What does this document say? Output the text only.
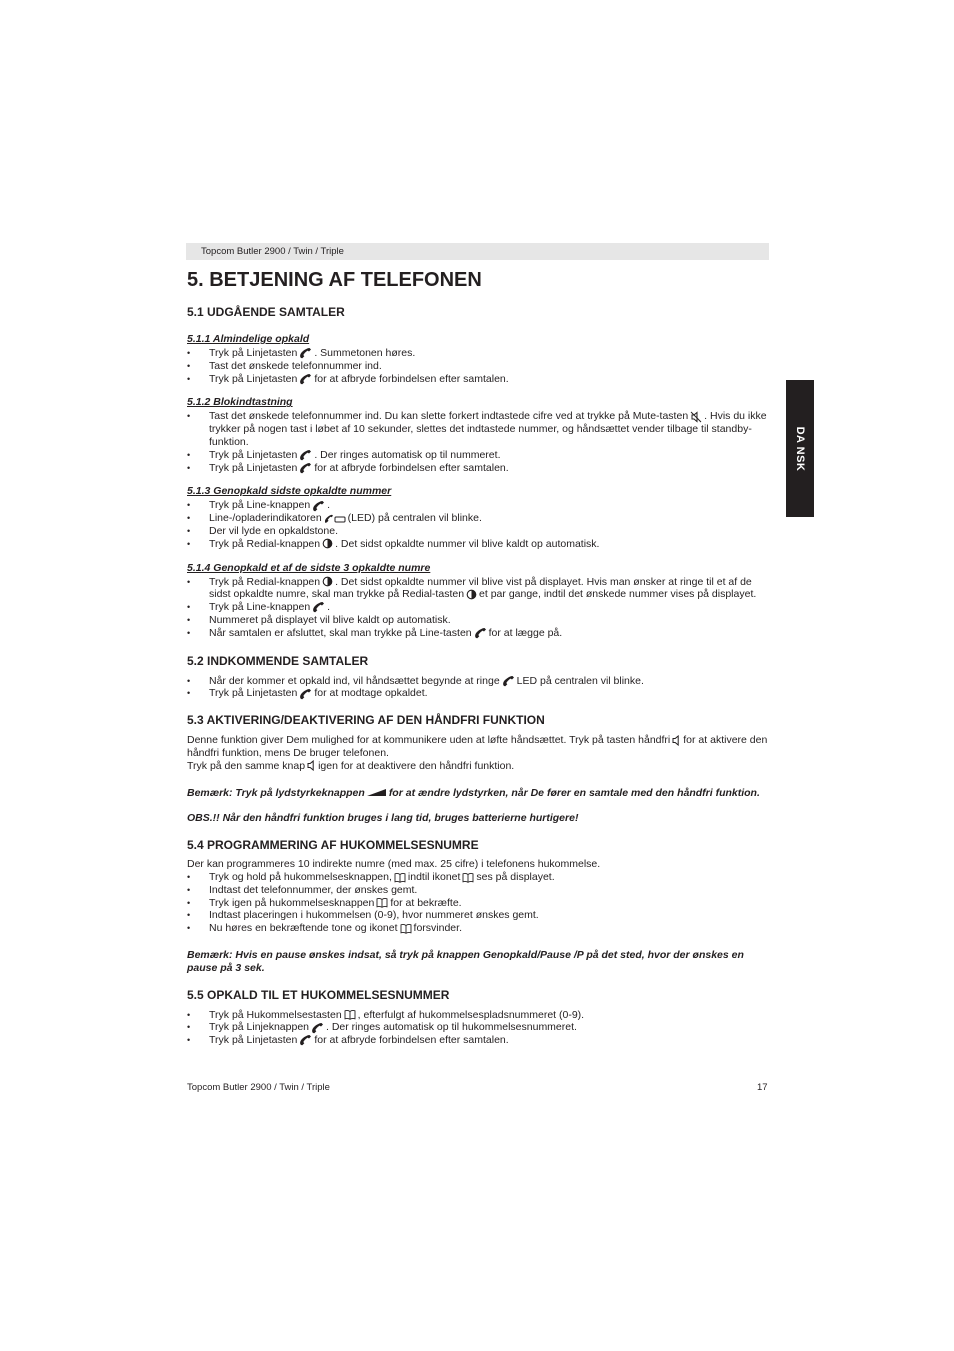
Topcom Butler 2900 / Twin / Triple
DA NSK
5. BETJENING AF TELEFONEN
5.1 UDGÅENDE SAMTALER
5.1.1 Almindelige opkald
• Tryk på Linjetasten . Summetonen høres.
• Tast det ønskede telefonnummer ind.
• Tryk på Linjetasten for at afbryde forbindelsen efter samtalen.
5.1.2 Blokindtastning
• Tast det ønskede telefonnummer ind. Du kan slette forkert indtastede cifre ved at trykke på Mute-tasten . Hvis du ikke trykker på nogen tast i løbet af 10 sekunder, slettes det indtastede nummer, og håndsættet vender tilbage til standby-funktion.
• Tryk på Linjetasten . Der ringes automatisk op til nummeret.
• Tryk på Linjetasten for at afbryde forbindelsen efter samtalen.
5.1.3 Genopkald sidste opkaldte nummer
• Tryk på Line-knappen .
• Line-/opladerindikatoren (LED) på centralen vil blinke.
• Der vil lyde en opkaldstone.
• Tryk på Redial-knappen . Det sidst opkaldte nummer vil blive kaldt op automatisk.
5.1.4 Genopkald et af de sidste 3 opkaldte numre
• Tryk på Redial-knappen . Det sidst opkaldte nummer vil blive vist på displayet. Hvis man ønsker at ringe til et af de sidst opkaldte numre, skal man trykke på Redial-tasten et par gange, indtil det ønskede nummer vises på displayet.
• Tryk på Line-knappen .
• Nummeret på displayet vil blive kaldt op automatisk.
• Når samtalen er afsluttet, skal man trykke på Line-tasten for at lægge på.
5.2 INDKOMMENDE SAMTALER
• Når der kommer et opkald ind, vil håndsættet begynde at ringe LED på centralen vil blinke.
• Tryk på Linjetasten for at modtage opkaldet.
5.3 AKTIVERING/DEAKTIVERING AF DEN HÅNDFRI FUNKTION

Denne funktion giver Dem mulighed for at kommunikere uden at løfte håndsættet. Tryk på tasten håndfri for at aktivere den håndfri funktion, mens De bruger telefonen.

Tryk på den samme knap igen for at deaktivere den håndfri funktion.

Bemærk: Tryk på lydstyrkeknappen for at ændre lydstyrken, når De fører en samtale med den håndfri funktion.

OBS.!! Når den håndfri funktion bruges i lang tid, bruges batterierne hurtigere!

5.4 PROGRAMMERING AF HUKOMMELSESNUMRE

Der kan programmeres 10 indirekte numre (med max. 25 cifre) i telefonens hukommelse.

• Tryk og hold på hukommelsesknappen, indtil ikonet ses på displayet.
• Indtast det telefonnummer, der ønskes gemt.
• Tryk igen på hukommelsesknappen for at bekræfte.
• Indtast placeringen i hukommelsen (0-9), hvor nummeret ønskes gemt.
• Nu høres en bekræftende tone og ikonet forsvinder.

Bemærk: Hvis en pause ønskes indsat, så tryk på knappen Genopkald/Pause /P på det sted, hvor der ønskes en pause på 3 sek.

5.5 OPKALD TIL ET HUKOMMELSESNUMMER
• Tryk på Hukommelsestasten , efterfulgt af hukommelsespladsnummeret (0-9).
• Tryk på Linjeknappen . Der ringes automatisk op til hukommelsesnummeret.
• Tryk på Linjetasten for at afbryde forbindelsen efter samtalen.
Topcom Butler 2900 / Twin / Triple	17
